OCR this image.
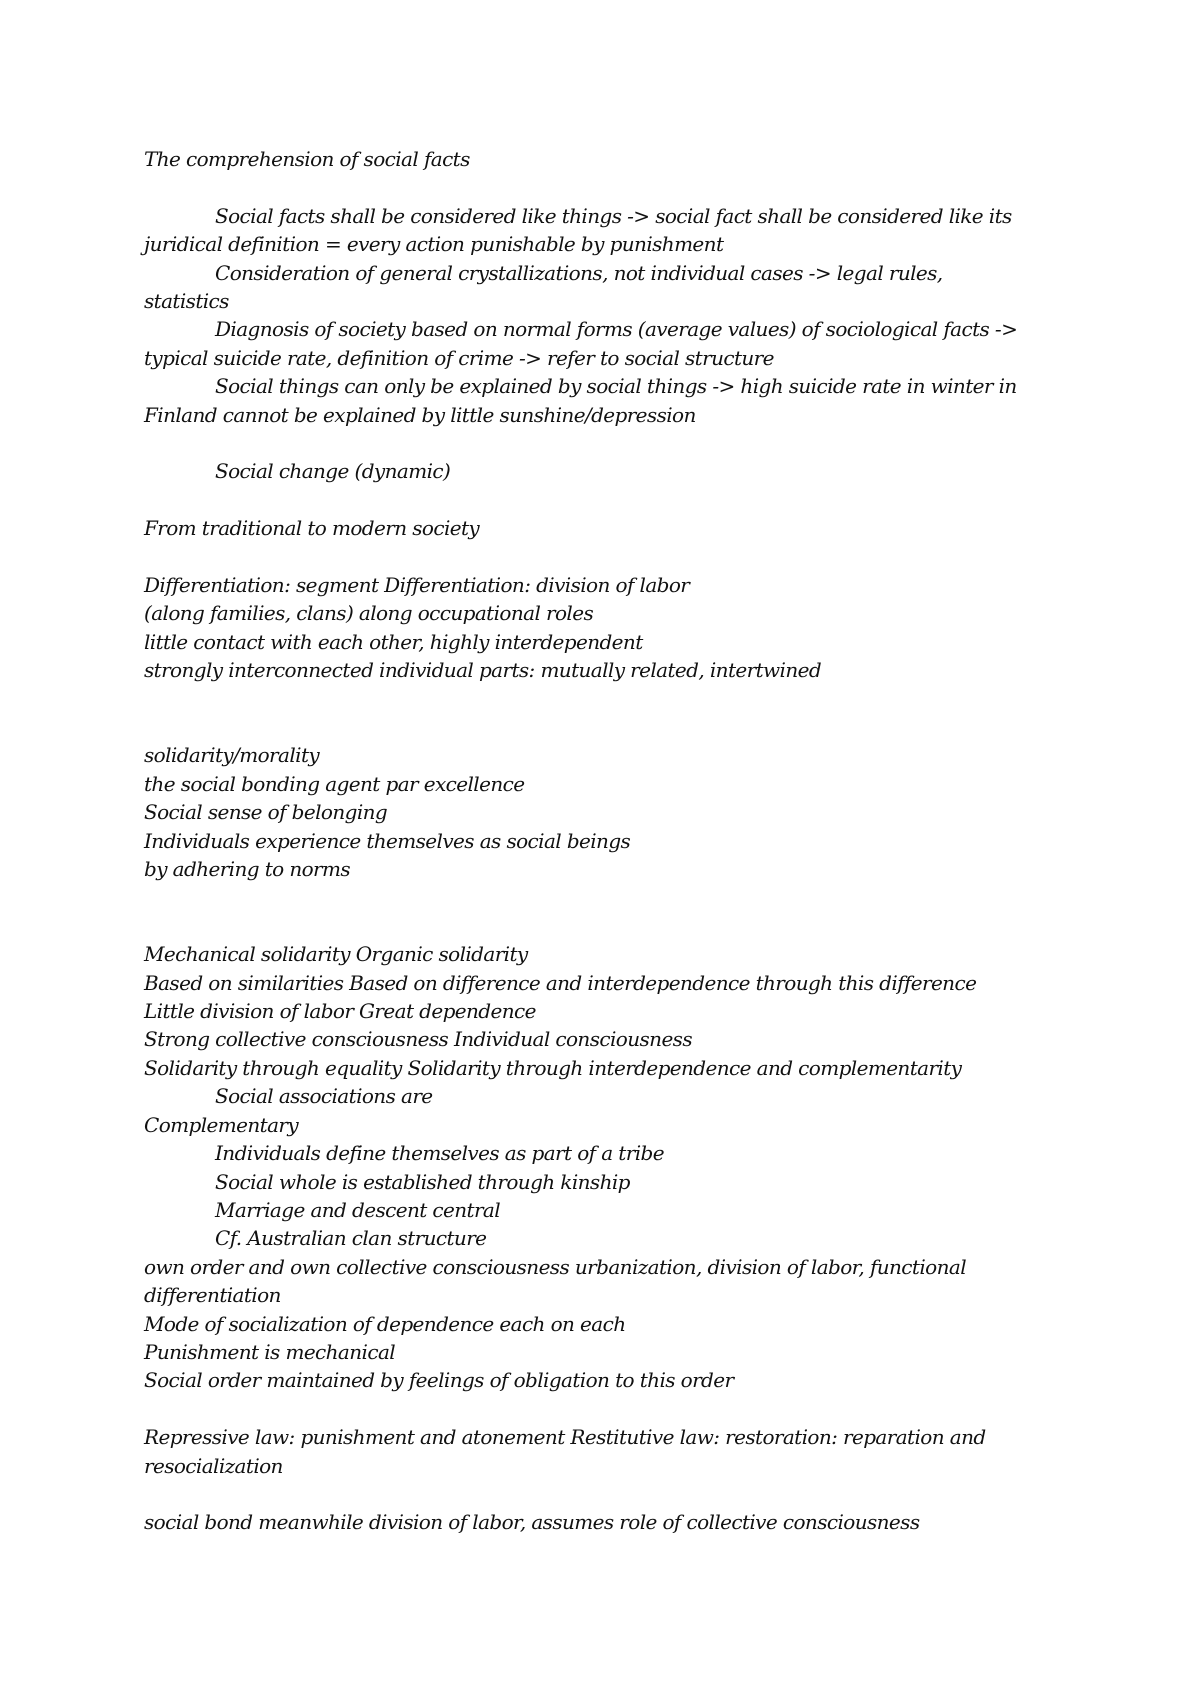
The comprehension of social facts
Social facts shall be considered like things -> social fact shall be considered like its
juridical definition = every action punishable by punishment
Consideration of general crystallizations, not individual cases -> legal rules,
statistics
Diagnosis of society based on normal forms (average values) of sociological facts ->
typical suicide rate, definition of crime -> refer to social structure
Social things can only be explained by social things -> high suicide rate in winter in
Finland cannot be explained by little sunshine/depression
Social change (dynamic)
From traditional to modern society
Differentiation: segment Differentiation: division of labor
(along families, clans) along occupational roles
little contact with each other, highly interdependent
strongly interconnected individual parts: mutually related, intertwined
solidarity/morality
the social bonding agent par excellence
Social sense of belonging
Individuals experience themselves as social beings
by adhering to norms
Mechanical solidarity Organic solidarity
Based on similarities Based on difference and interdependence through this difference
Little division of labor Great dependence
Strong collective consciousness Individual consciousness
Solidarity through equality Solidarity through interdependence and complementarity
Social associations are
Complementary
Individuals define themselves as part of a tribe
Social whole is established through kinship
Marriage and descent central
Cf. Australian clan structure
own order and own collective consciousness urbanization, division of labor, functional
differentiation
Mode of socialization of dependence each on each
Punishment is mechanical
Social order maintained by feelings of obligation to this order
Repressive law: punishment and atonement Restitutive law: restoration: reparation and
resocialization
social bond meanwhile division of labor, assumes role of collective consciousness
